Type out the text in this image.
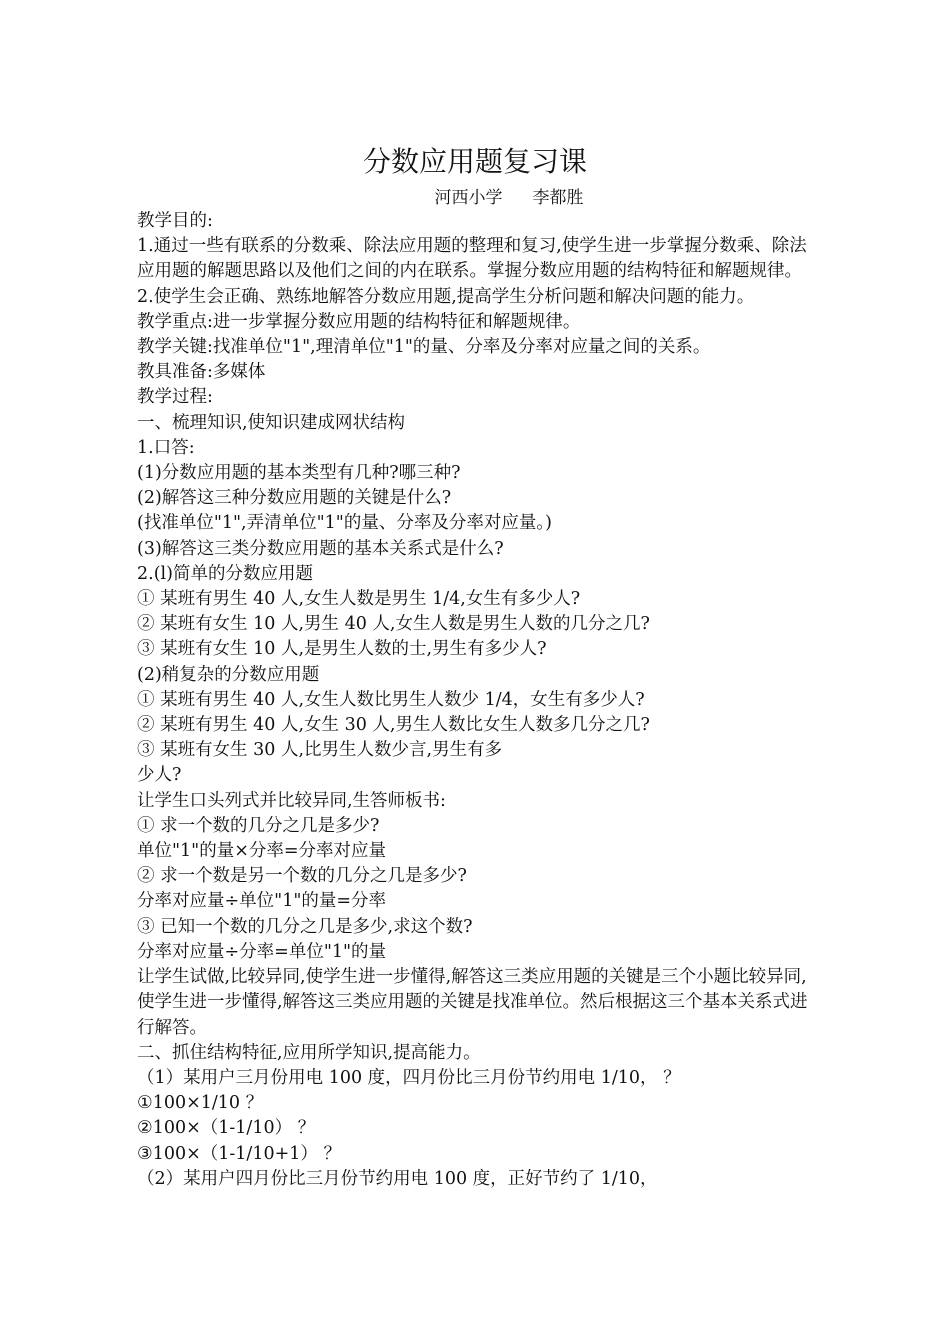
分数应用题复习课
河西小学 李都胜
教学目的:
1.通过一些有联系的分数乘、除法应用题的整理和复习,使学生进一步掌握分数乘、除法应用题的解题思路以及他们之间的内在联系。掌握分数应用题的结构特征和解题规律。
2.使学生会正确、熟练地解答分数应用题,提高学生分析问题和解决问题的能力。
教学重点:进一步掌握分数应用题的结构特征和解题规律。
教学关键:找准单位"1",理清单位"1"的量、分率及分率对应量之间的关系。
教具准备:多媒体
教学过程:
一、梳理知识,使知识建成网状结构
1.口答:
(1)分数应用题的基本类型有几种?哪三种?
(2)解答这三种分数应用题的关键是什么?
(找准单位"1",弄清单位"1"的量、分率及分率对应量。)
(3)解答这三类分数应用题的基本关系式是什么?
2.(l)简单的分数应用题
① 某班有男生 40 人,女生人数是男生 1/4,女生有多少人?
② 某班有女生 10 人,男生 40 人,女生人数是男生人数的几分之几?
③ 某班有女生 10 人,是男生人数的士,男生有多少人?
(2)稍复杂的分数应用题
① 某班有男生 40 人,女生人数比男生人数少 1/4，女生有多少人?
② 某班有男生 40 人,女生 30 人,男生人数比女生人数多几分之几?
③ 某班有女生 30 人,比男生人数少言,男生有多
少人?
让学生口头列式并比较异同,生答师板书:
① 求一个数的几分之几是多少?
单位"1"的量×分率=分率对应量
② 求一个数是另一个数的几分之几是多少?
分率对应量÷单位"1"的量=分率
③ 已知一个数的几分之几是多少,求这个数?
分率对应量÷分率=单位"1"的量
让学生试做,比较异同,使学生进一步懂得,解答这三类应用题的关键是三个小题比较异同,使学生进一步懂得,解答这三类应用题的关键是找准单位。然后根据这三个基本关系式进行解答。
二、抓住结构特征,应用所学知识,提高能力。
（1）某用户三月份用电 100 度，四月份比三月份节约用电 1/10， ？
①100×1/10 ？
②100×（1-1/10） ？
③100×（1-1/10+1） ？
（2）某用户四月份比三月份节约用电 100 度，正好节约了 1/10，
